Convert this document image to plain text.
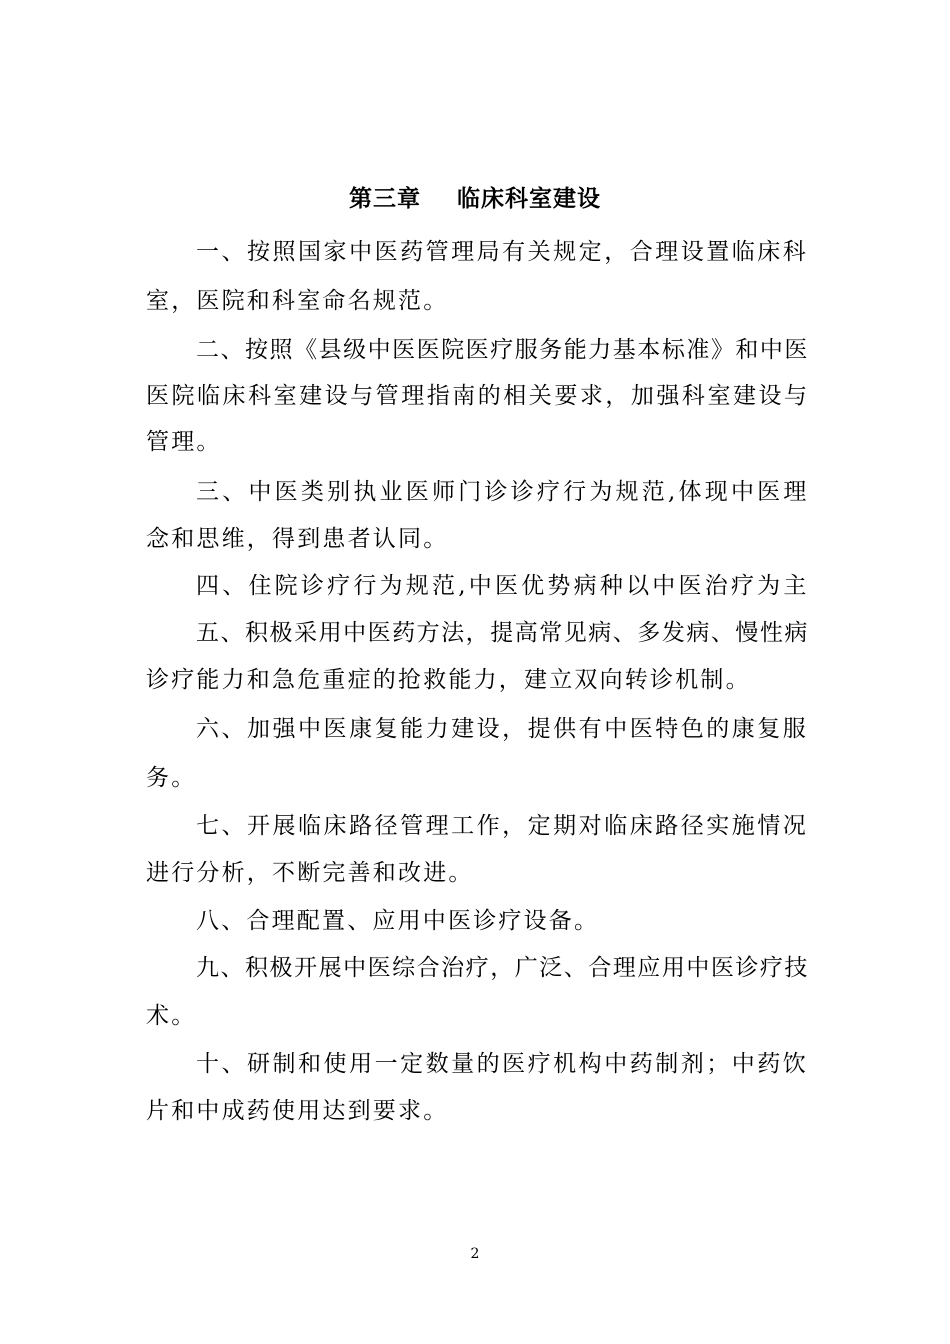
第三章    临床科室建设
一、按照国家中医药管理局有关规定，合理设置临床科
室，医院和科室命名规范。
二、按照《县级中医医院医疗服务能力基本标准》和中医
医院临床科室建设与管理指南的相关要求，加强科室建设与
管理。
三、中医类别执业医师门诊诊疗行为规范,体现中医理
念和思维，得到患者认同。
四、住院诊疗行为规范,中医优势病种以中医治疗为主
五、积极采用中医药方法，提高常见病、多发病、慢性病
诊疗能力和急危重症的抢救能力，建立双向转诊机制。
六、加强中医康复能力建设，提供有中医特色的康复服
务。
七、开展临床路径管理工作，定期对临床路径实施情况
进行分析，不断完善和改进。
八、合理配置、应用中医诊疗设备。
九、积极开展中医综合治疗，广泛、合理应用中医诊疗技
术。
十、研制和使用一定数量的医疗机构中药制剂；中药饮
片和中成药使用达到要求。
2
